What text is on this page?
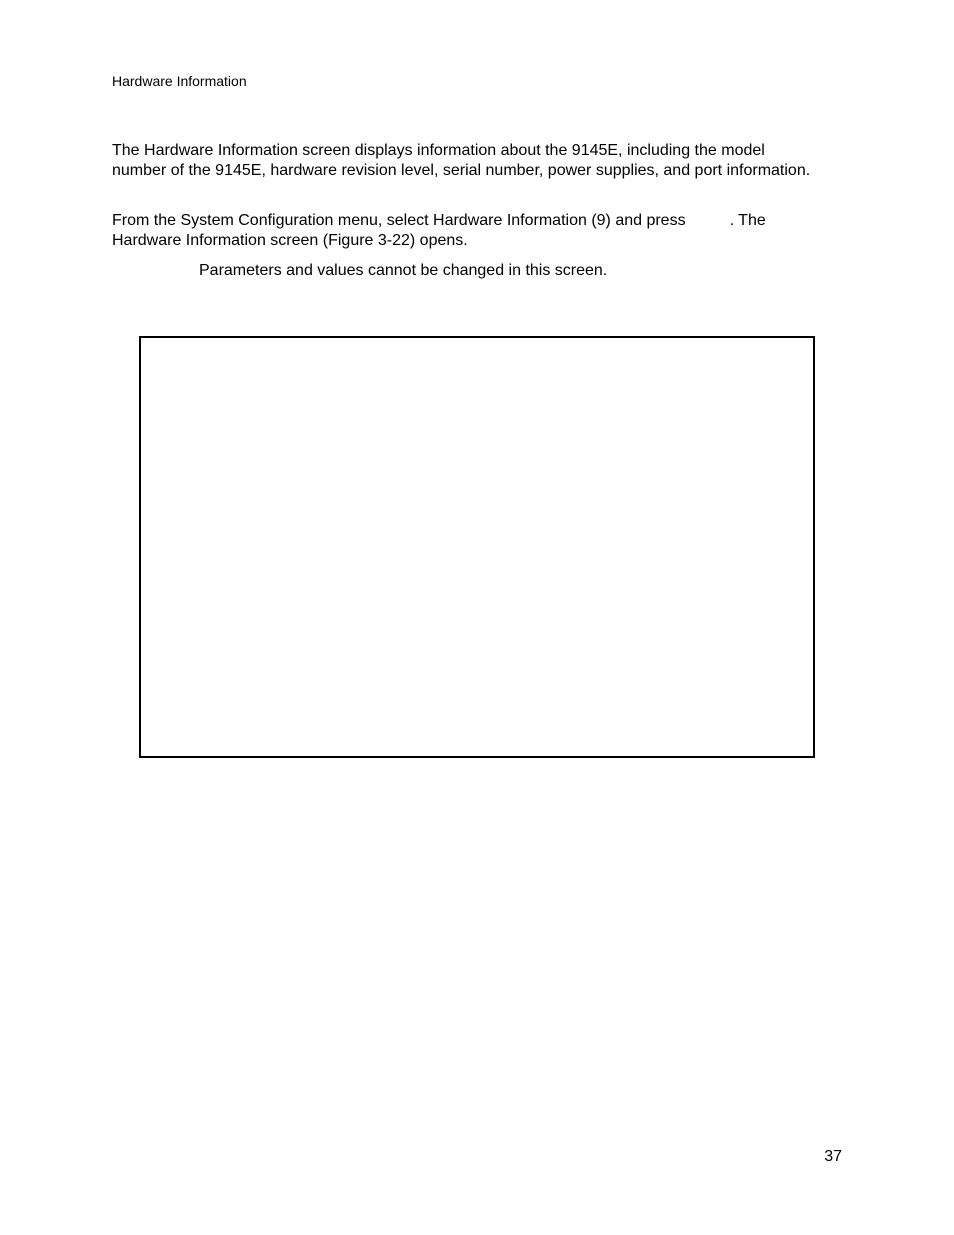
Hardware Information

The Hardware Information screen displays information about the 9145E, including the model number of the 9145E, hardware revision level, serial number, power supplies, and port information.

From the System Configuration menu, select Hardware Information (9) and press	. The Hardware Information screen (Figure 3-22) opens.

Parameters and values cannot be changed in this screen.
37
